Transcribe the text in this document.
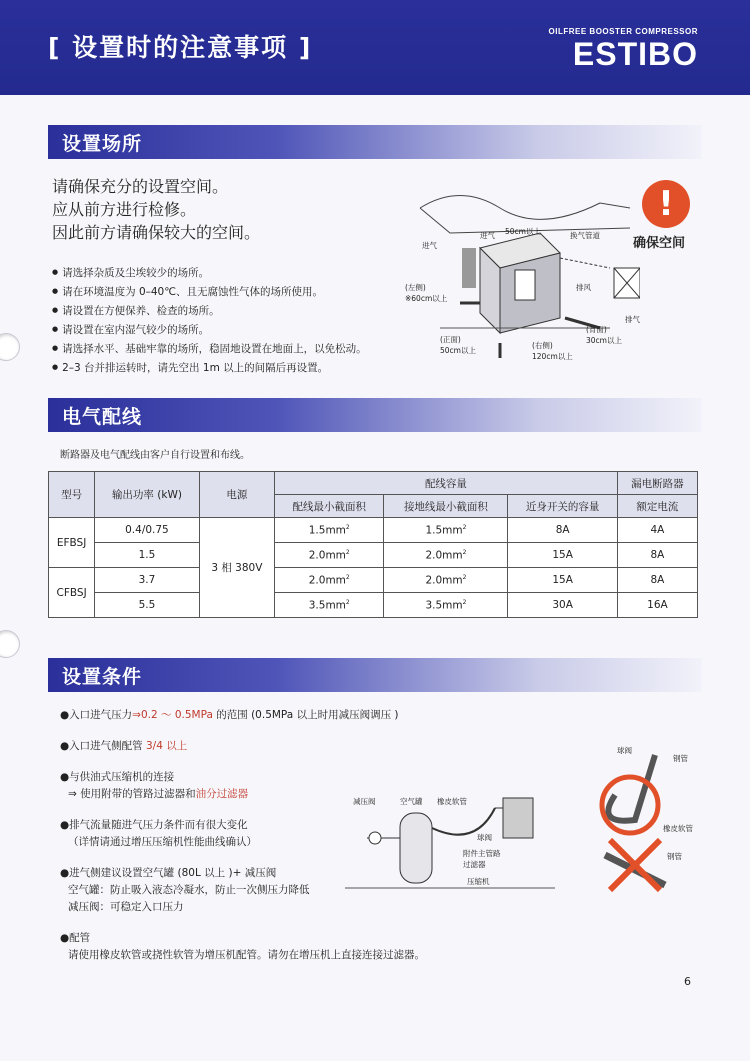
[ 设置时的注意事项 ]
OILFREE BOOSTER COMPRESSOR
ESTIBO
设置场所
请确保充分的设置空间。
应从前方进行检修。
因此前方请确保较大的空间。
● 请选择杂质及尘埃较少的场所。
● 请在环境温度为 0–40℃、且无腐蚀性气体的场所使用。
● 请设置在方便保养、检查的场所。
● 请设置在室内湿气较少的场所。
● 请选择水平、基础牢靠的场所，稳固地设置在地面上，以免松动。
● 2–3 台并排运转时，请先空出 1m 以上的间隔后再设置。
50cm以上
进气	换气管道
进气
(左侧)
※60cm以上
(正面)
50cm以上
(右侧)
120cm以上
(背面)
30cm以上
排风
排气
!
确保空间
电气配线
断路器及电气配线由客户自行设置和布线。
型号	输出功率 (kW)	电源	配线容量			漏电断路器
			配线最小截面积	接地线最小截面积	近身开关的容量	额定电流
EFBSJ	0.4/0.75	3 相 380V	$1.5mm^2$	$1.5mm^2$	8A	4A
	1.5		$2.0mm^2$	$2.0mm^2$	15A	8A
CFBSJ	3.7		$2.0mm^2$	$2.0mm^2$	15A	8A
	5.5		$3.5mm^2$	$3.5mm^2$	30A	16A
设置条件
●入口进气压力⇒0.2 ～ 0.5MPa 的范围 (0.5MPa 以上时用减压阀调压 )
●入口进气侧配管 3/4 以上
●与供油式压缩机的连接
⇒ 使用附带的管路过滤器和油分过滤器
●排气流量随进气压力条件而有很大变化
（详情请通过增压压缩机性能曲线确认）
●进气侧建议设置空气罐 (80L 以上 )+ 减压阀
空气罐：防止吸入液态冷凝水，防止一次侧压力降低
减压阀：可稳定入口压力
●配管
请使用橡皮软管或挠性软管为增压机配管。请勿在增压机上直接连接过滤器。
减压阀	空气罐 橡皮软管
球阀
附件主管路
过滤器
压缩机
球阀
钢管
橡皮软管
钢管
6
